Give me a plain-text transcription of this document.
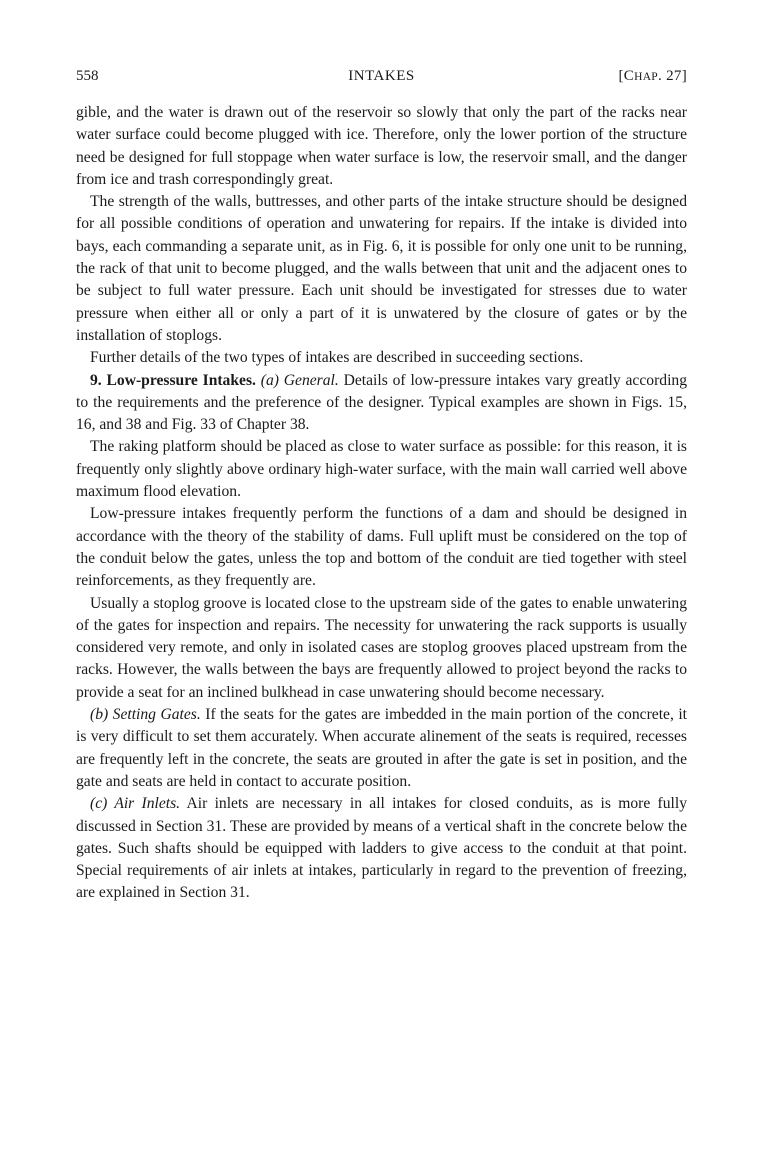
558	INTAKES	[CHAP. 27]

gible, and the water is drawn out of the reservoir so slowly that only the part of the racks near water surface could become plugged with ice. Therefore, only the lower portion of the structure need be designed for full stoppage when water surface is low, the reservoir small, and the danger from ice and trash correspondingly great.

The strength of the walls, buttresses, and other parts of the intake structure should be designed for all possible conditions of operation and unwatering for repairs. If the intake is divided into bays, each commanding a separate unit, as in Fig. 6, it is possible for only one unit to be running, the rack of that unit to become plugged, and the walls between that unit and the adjacent ones to be subject to full water pressure. Each unit should be investigated for stresses due to water pressure when either all or only a part of it is unwatered by the closure of gates or by the installation of stoplogs.

Further details of the two types of intakes are described in succeeding sections.

9. Low-pressure Intakes. (a) General. Details of low-pressure intakes vary greatly according to the requirements and the preference of the designer. Typical examples are shown in Figs. 15, 16, and 38 and Fig. 33 of Chapter 38.

The raking platform should be placed as close to water surface as possible: for this reason, it is frequently only slightly above ordinary high-water surface, with the main wall carried well above maximum flood elevation.

Low-pressure intakes frequently perform the functions of a dam and should be designed in accordance with the theory of the stability of dams. Full uplift must be considered on the top of the conduit below the gates, unless the top and bottom of the conduit are tied together with steel reinforcements, as they frequently are.

Usually a stoplog groove is located close to the upstream side of the gates to enable unwatering of the gates for inspection and repairs. The necessity for unwatering the rack supports is usually considered very remote, and only in isolated cases are stoplog grooves placed upstream from the racks. However, the walls between the bays are frequently allowed to project beyond the racks to provide a seat for an inclined bulkhead in case unwatering should become necessary.

(b) Setting Gates. If the seats for the gates are imbedded in the main portion of the concrete, it is very difficult to set them accurately. When accurate alinement of the seats is required, recesses are frequently left in the concrete, the seats are grouted in after the gate is set in position, and the gate and seats are held in contact to accurate position.

(c) Air Inlets. Air inlets are necessary in all intakes for closed conduits, as is more fully discussed in Section 31. These are provided by means of a vertical shaft in the concrete below the gates. Such shafts should be equipped with ladders to give access to the conduit at that point. Special requirements of air inlets at intakes, particularly in regard to the prevention of freezing, are explained in Section 31.
